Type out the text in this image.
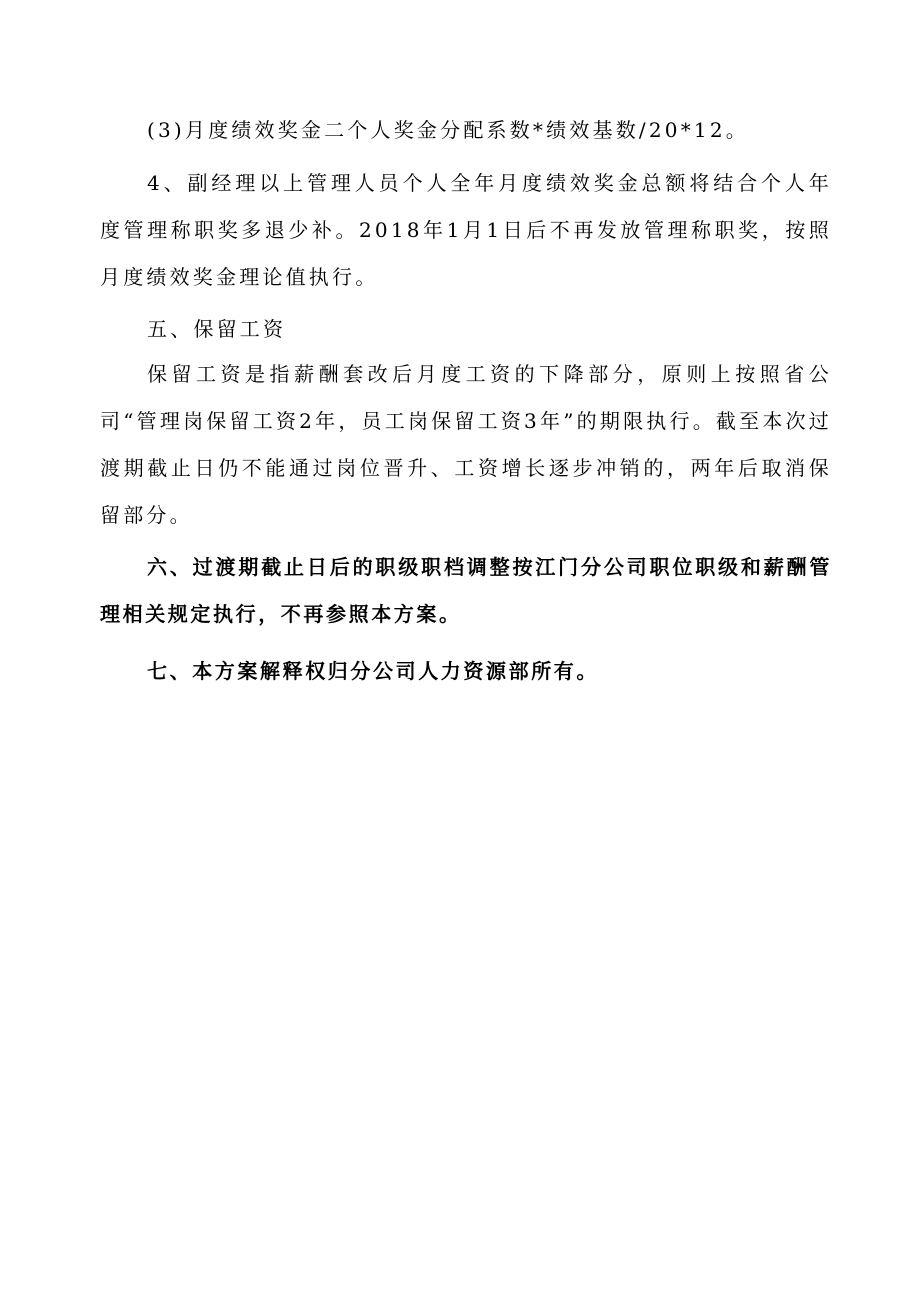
(3)月度绩效奖金二个人奖金分配系数*绩效基数/20*12。

4、副经理以上管理人员个人全年月度绩效奖金总额将结合个人年度管理称职奖多退少补。2018年1月1日后不再发放管理称职奖，按照月度绩效奖金理论值执行。

五、保留工资

保留工资是指薪酬套改后月度工资的下降部分，原则上按照省公司“管理岗保留工资2年，员工岗保留工资3年”的期限执行。截至本次过渡期截止日仍不能通过岗位晋升、工资增长逐步冲销的，两年后取消保留部分。

六、过渡期截止日后的职级职档调整按江门分公司职位职级和薪酬管理相关规定执行，不再参照本方案。

七、本方案解释权归分公司人力资源部所有。
